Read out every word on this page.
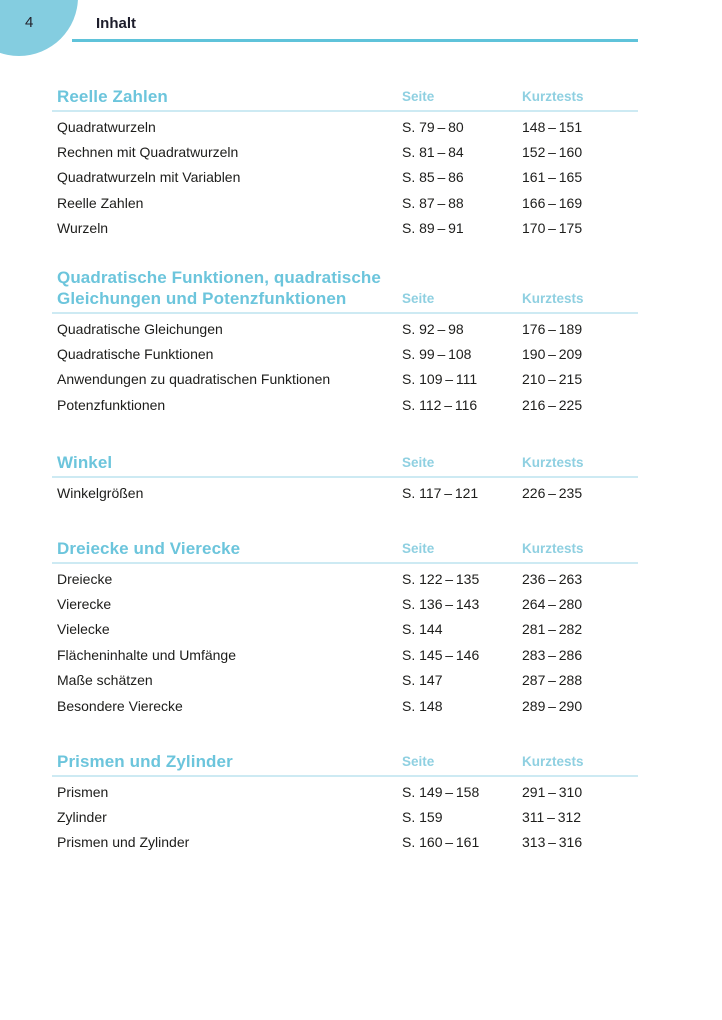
4	Inhalt
Reelle Zahlen	Seite	Kurztests
Quadratwurzeln	S. 79 – 80	148 – 151
Rechnen mit Quadratwurzeln	S. 81 – 84	152 – 160
Quadratwurzeln mit Variablen	S. 85 – 86	161 – 165
Reelle Zahlen	S. 87 – 88	166 – 169
Wurzeln	S. 89 – 91	170 – 175
Quadratische Funktionen, quadratische Gleichungen und Potenzfunktionen	Seite	Kurztests
Quadratische Gleichungen	S. 92 – 98	176 – 189
Quadratische Funktionen	S. 99 – 108	190 – 209
Anwendungen zu quadratischen Funktionen	S. 109 – 111	210 – 215
Potenzfunktionen	S. 112 – 116	216 – 225
Winkel	Seite	Kurztests
Winkelgrößen	S. 117 – 121	226 – 235
Dreiecke und Vierecke	Seite	Kurztests
Dreiecke	S. 122 – 135	236 – 263
Vierecke	S. 136 – 143	264 – 280
Vielecke	S. 144	281 – 282
Flächeninhalte und Umfänge	S. 145 – 146	283 – 286
Maße schätzen	S. 147	287 – 288
Besondere Vierecke	S. 148	289 – 290
Prismen und Zylinder	Seite	Kurztests
Prismen	S. 149 – 158	291 – 310
Zylinder	S. 159	311 – 312
Prismen und Zylinder	S. 160 – 161	313 – 316
